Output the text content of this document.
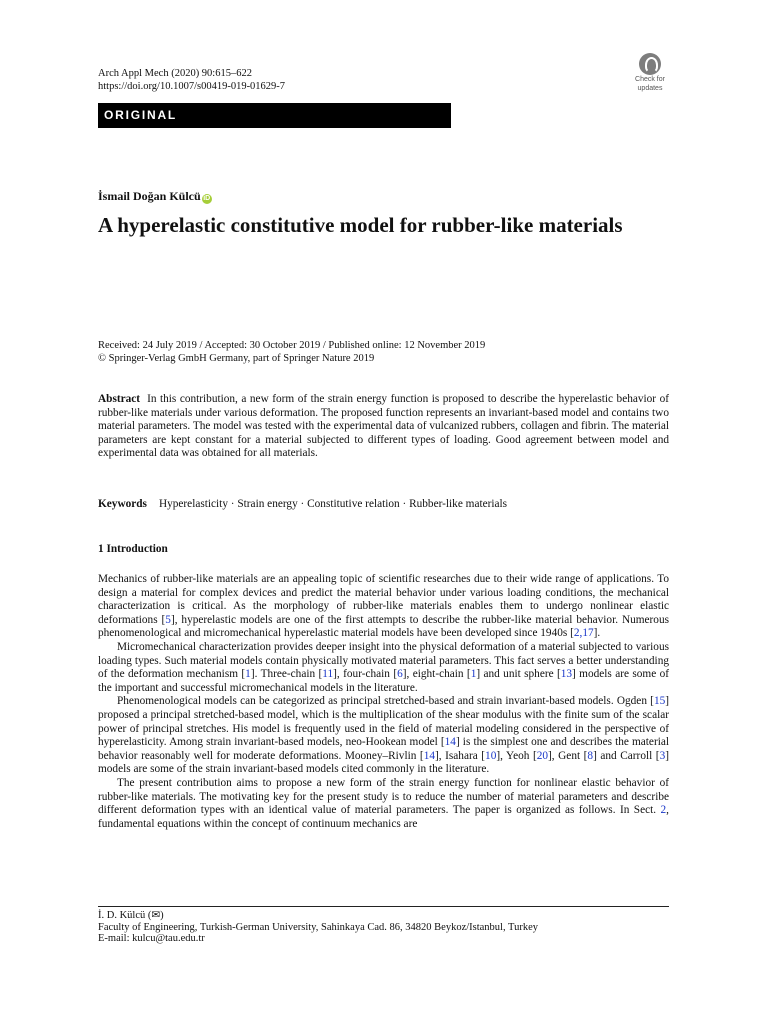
Arch Appl Mech (2020) 90:615–622
https://doi.org/10.1007/s00419-019-01629-7
Check for
updates
ORIGINAL
İsmail Doğan Külcü iD
A hyperelastic constitutive model for rubber-like materials
Received: 24 July 2019 / Accepted: 30 October 2019 / Published online: 12 November 2019
© Springer-Verlag GmbH Germany, part of Springer Nature 2019
Abstract In this contribution, a new form of the strain energy function is proposed to describe the hyperelastic behavior of rubber-like materials under various deformation. The proposed function represents an invariant-based model and contains two material parameters. The model was tested with the experimental data of vulcanized rubbers, collagen and fibrin. The material parameters are kept constant for a material subjected to different types of loading. Good agreement between model and experimental data was obtained for all materials.
Keywords Hyperelasticity · Strain energy · Constitutive relation · Rubber-like materials
1 Introduction

Mechanics of rubber-like materials are an appealing topic of scientific researches due to their wide range of applications. To design a material for complex devices and predict the material behavior under various loading conditions, the mechanical characterization is critical. As the morphology of rubber-like materials enables them to undergo nonlinear elastic deformations [5], hyperelastic models are one of the first attempts to describe the rubber-like material behavior. Numerous phenomenological and micromechanical hyperelastic material models have been developed since 1940s [2,17].

Micromechanical characterization provides deeper insight into the physical deformation of a material subjected to various loading types. Such material models contain physically motivated material parameters. This fact serves a better understanding of the deformation mechanism [1]. Three-chain [11], four-chain [6], eight-chain [1] and unit sphere [13] models are some of the important and successful micromechanical models in the literature.

Phenomenological models can be categorized as principal stretched-based and strain invariant-based models. Ogden [15] proposed a principal stretched-based model, which is the multiplication of the shear modulus with the finite sum of the scalar power of principal stretches. His model is frequently used in the field of material modeling considered in the perspective of hyperelasticity. Among strain invariant-based models, neo-Hookean model [14] is the simplest one and describes the material behavior reasonably well for moderate deformations. Mooney–Rivlin [14], Isahara [10], Yeoh [20], Gent [8] and Carroll [3] models are some of the strain invariant-based models cited commonly in the literature.

The present contribution aims to propose a new form of the strain energy function for nonlinear elastic behavior of rubber-like materials. The motivating key for the present study is to reduce the number of material parameters and describe different deformation types with an identical value of material parameters. The paper is organized as follows. In Sect. 2, fundamental equations within the concept of continuum mechanics are

İ. D. Külcü (✉)
Faculty of Engineering, Turkish-German University, Sahinkaya Cad. 86, 34820 Beykoz/Istanbul, Turkey
E-mail: kulcu@tau.edu.tr
